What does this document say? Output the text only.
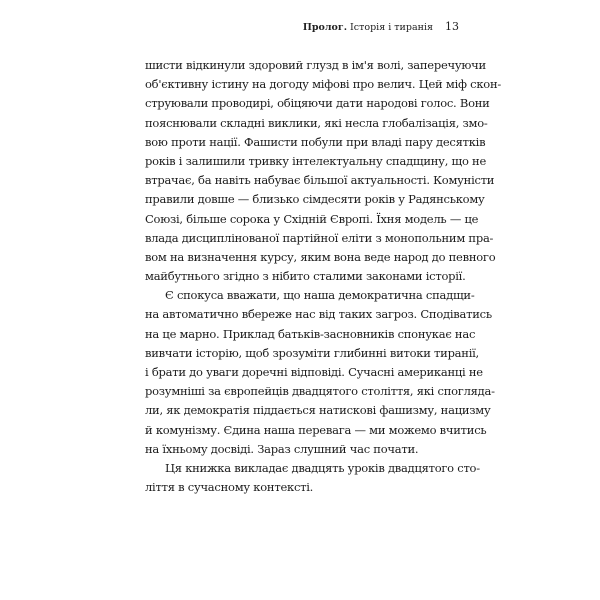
Пролог. Історія і тиранія 13
шисти відкинули здоровий глузд в ім'я волі, заперечуючи
об'єктивну істину на догоду міфові про велич. Цей міф скон-
струювали проводирі, обіцяючи дати народові голос. Вони
пояснювали складні виклики, які несла глобалізація, змо-
вою проти нації. Фашисти побули при владі пару десятків
років і залишили тривку інтелектуальну спадщину, що не
втрачає, ба навіть набуває більшої актуальності. Комуністи
правили довше — близько сімдесяти років у Радянському
Союзі, більше сорока у Східній Європі. Їхня модель — це
влада дисциплінованої партійної еліти з монопольним пра-
вом на визначення курсу, яким вона веде народ до певного
майбутнього згідно з нібито сталими законами історії.
Є спокуса вважати, що наша демократична спадщи-
на автоматично вбереже нас від таких загроз. Сподіватись
на це марно. Приклад батьків-засновників спонукає нас
вивчати історію, щоб зрозуміти глибинні витоки тиранії,
і брати до уваги доречні відповіді. Сучасні американці не
розумніші за європейців двадцятого століття, які спогляда-
ли, як демократія піддається натискові фашизму, нацизму
й комунізму. Єдина наша перевага — ми можемо вчитись
на їхньому досвіді. Зараз слушний час почати.
Ця книжка викладає двадцять уроків двадцятого сто-
ліття в сучасному контексті.
